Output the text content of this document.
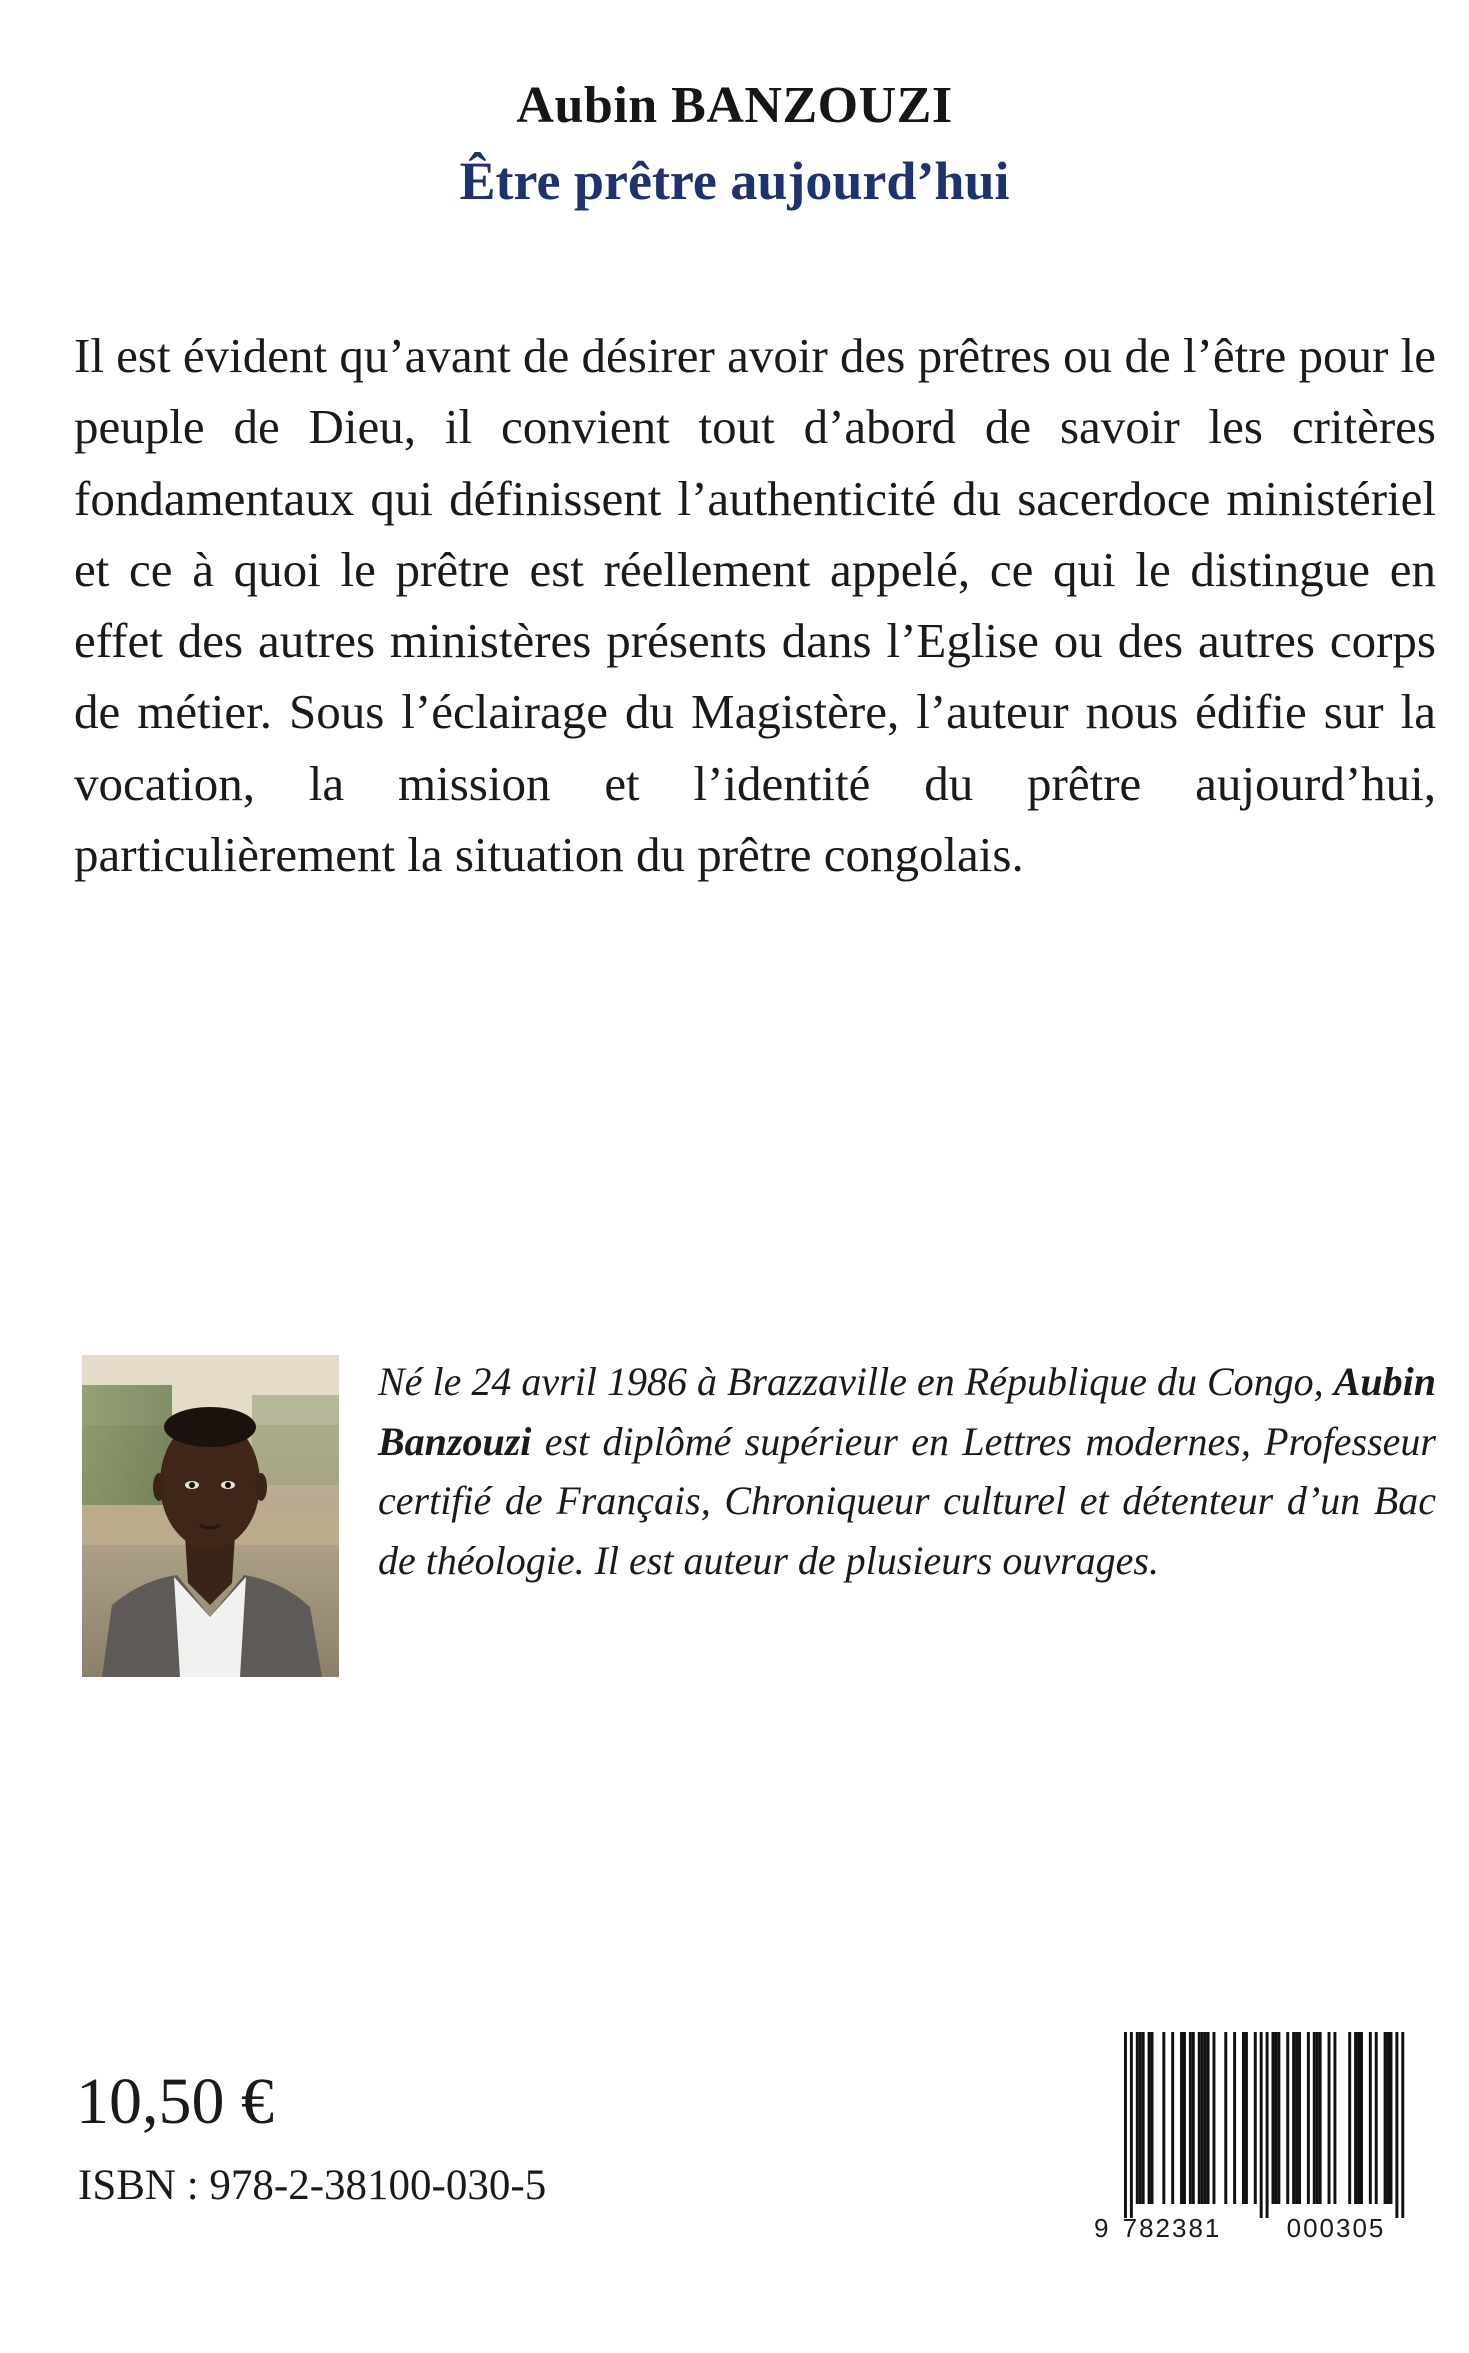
Aubin BANZOUZI
Être prêtre aujourd’hui
Il est évident qu’avant de désirer avoir des prêtres ou de l’être pour le peuple de Dieu, il convient tout d’abord de savoir les critères fondamentaux qui définissent l’authenticité du sacerdoce ministériel et ce à quoi le prêtre est réellement appelé, ce qui le distingue en effet des autres ministères présents dans l’Eglise ou des autres corps de métier. Sous l’éclairage du Magistère, l’auteur nous édifie sur la vocation, la mission et l’identité du prêtre aujourd’hui, particulièrement la situation du prêtre congolais.
Né le 24 avril 1986 à Brazzaville en République du Congo, Aubin Banzouzi est diplômé supérieur en Lettres modernes, Professeur certifié de Français, Chroniqueur culturel et détenteur d’un Bac de théologie. Il est auteur de plusieurs ouvrages.
10,50 €
ISBN : 978-2-38100-030-5
9 782381	000305
